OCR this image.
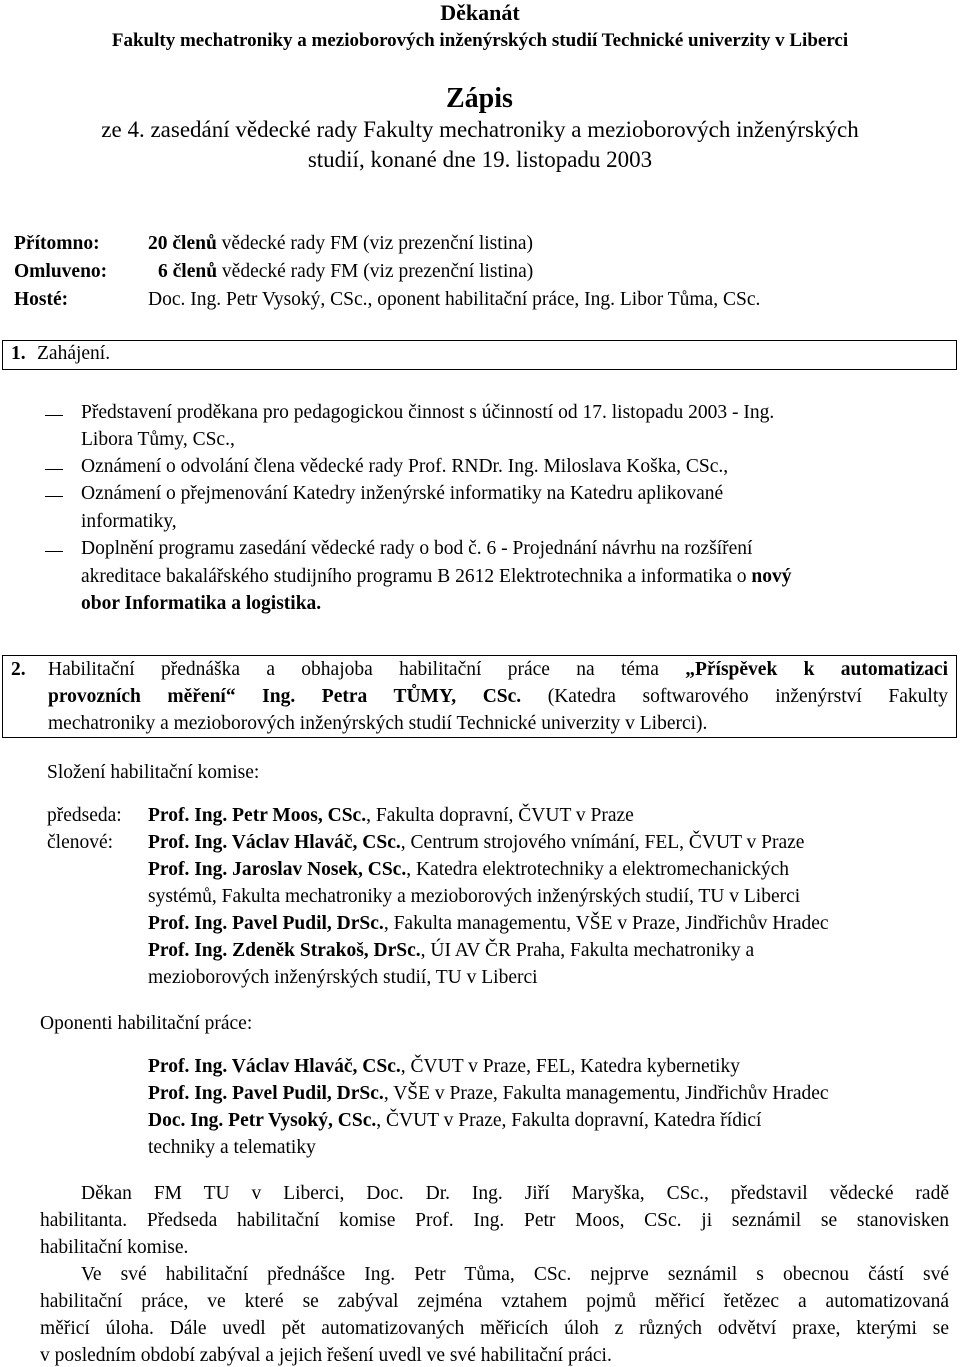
Děkanát
Fakulty mechatroniky a mezioborových inženýrských studií Technické univerzity v Liberci
Zápis
ze 4. zasedání vědecké rady Fakulty mechatroniky a mezioborových inženýrských
studií, konané dne 19. listopadu 2003
Přítomno: 20 členů vědecké rady FM (viz prezenční listina)
Omluveno:	6 členů vědecké rady FM (viz prezenční listina)
Hosté:	Doc. Ing. Petr Vysoký, CSc., oponent habilitační práce, Ing. Libor Tůma, CSc.
1. Zahájení.
Představení proděkana pro pedagogickou činnost s účinností od 17. listopadu 2003 - Ing.
Libora Tůmy, CSc.,
Oznámení o odvolání člena vědecké rady Prof. RNDr. Ing. Miloslava Koška, CSc.,
Oznámení o přejmenování Katedry inženýrské informatiky na Katedru aplikované
informatiky,
Doplnění programu zasedání vědecké rady o bod č. 6 - Projednání návrhu na rozšíření
akreditace bakalářského studijního programu B 2612 Elektrotechnika a informatika o nový
obor Informatika a logistika.
2. Habilitační přednáška a obhajoba habilitační práce na téma „Příspěvek k automatizaci
provozních měření“ Ing. Petra TŮMY, CSc. (Katedra softwarového inženýrství Fakulty
mechatroniky a mezioborových inženýrských studií Technické univerzity v Liberci).
Složení habilitační komise:
předseda: Prof. Ing. Petr Moos, CSc., Fakulta dopravní, ČVUT v Praze
členové: Prof. Ing. Václav Hlaváč, CSc., Centrum strojového vnímání, FEL, ČVUT v Praze
Prof. Ing. Jaroslav Nosek, CSc., Katedra elektrotechniky a elektromechanických
systémů, Fakulta mechatroniky a mezioborových inženýrských studií, TU v Liberci
Prof. Ing. Pavel Pudil, DrSc., Fakulta managementu, VŠE v Praze, Jindřichův Hradec
Prof. Ing. Zdeněk Strakoš, DrSc., ÚI AV ČR Praha, Fakulta mechatroniky a
mezioborových inženýrských studií, TU v Liberci
Oponenti habilitační práce:
Prof. Ing. Václav Hlaváč, CSc., ČVUT v Praze, FEL, Katedra kybernetiky
Prof. Ing. Pavel Pudil, DrSc., VŠE v Praze, Fakulta managementu, Jindřichův Hradec
Doc. Ing. Petr Vysoký, CSc., ČVUT v Praze, Fakulta dopravní, Katedra řídicí
techniky a telematiky
Děkan FM TU v Liberci, Doc. Dr. Ing. Jiří Maryška, CSc., představil vědecké radě
habilitanta. Předseda habilitační komise Prof. Ing. Petr Moos, CSc. ji seznámil se stanovisken
habilitační komise.
Ve své habilitační přednášce Ing. Petr Tůma, CSc. nejprve seznámil s obecnou částí své
habilitační práce, ve které se zabýval zejména vztahem pojmů měřicí řetězec a automatizovaná
měřicí úloha. Dále uvedl pět automatizovaných měřicích úloh z různých odvětví praxe, kterými se
v posledním období zabýval a jejich řešení uvedl ve své habilitační práci.
